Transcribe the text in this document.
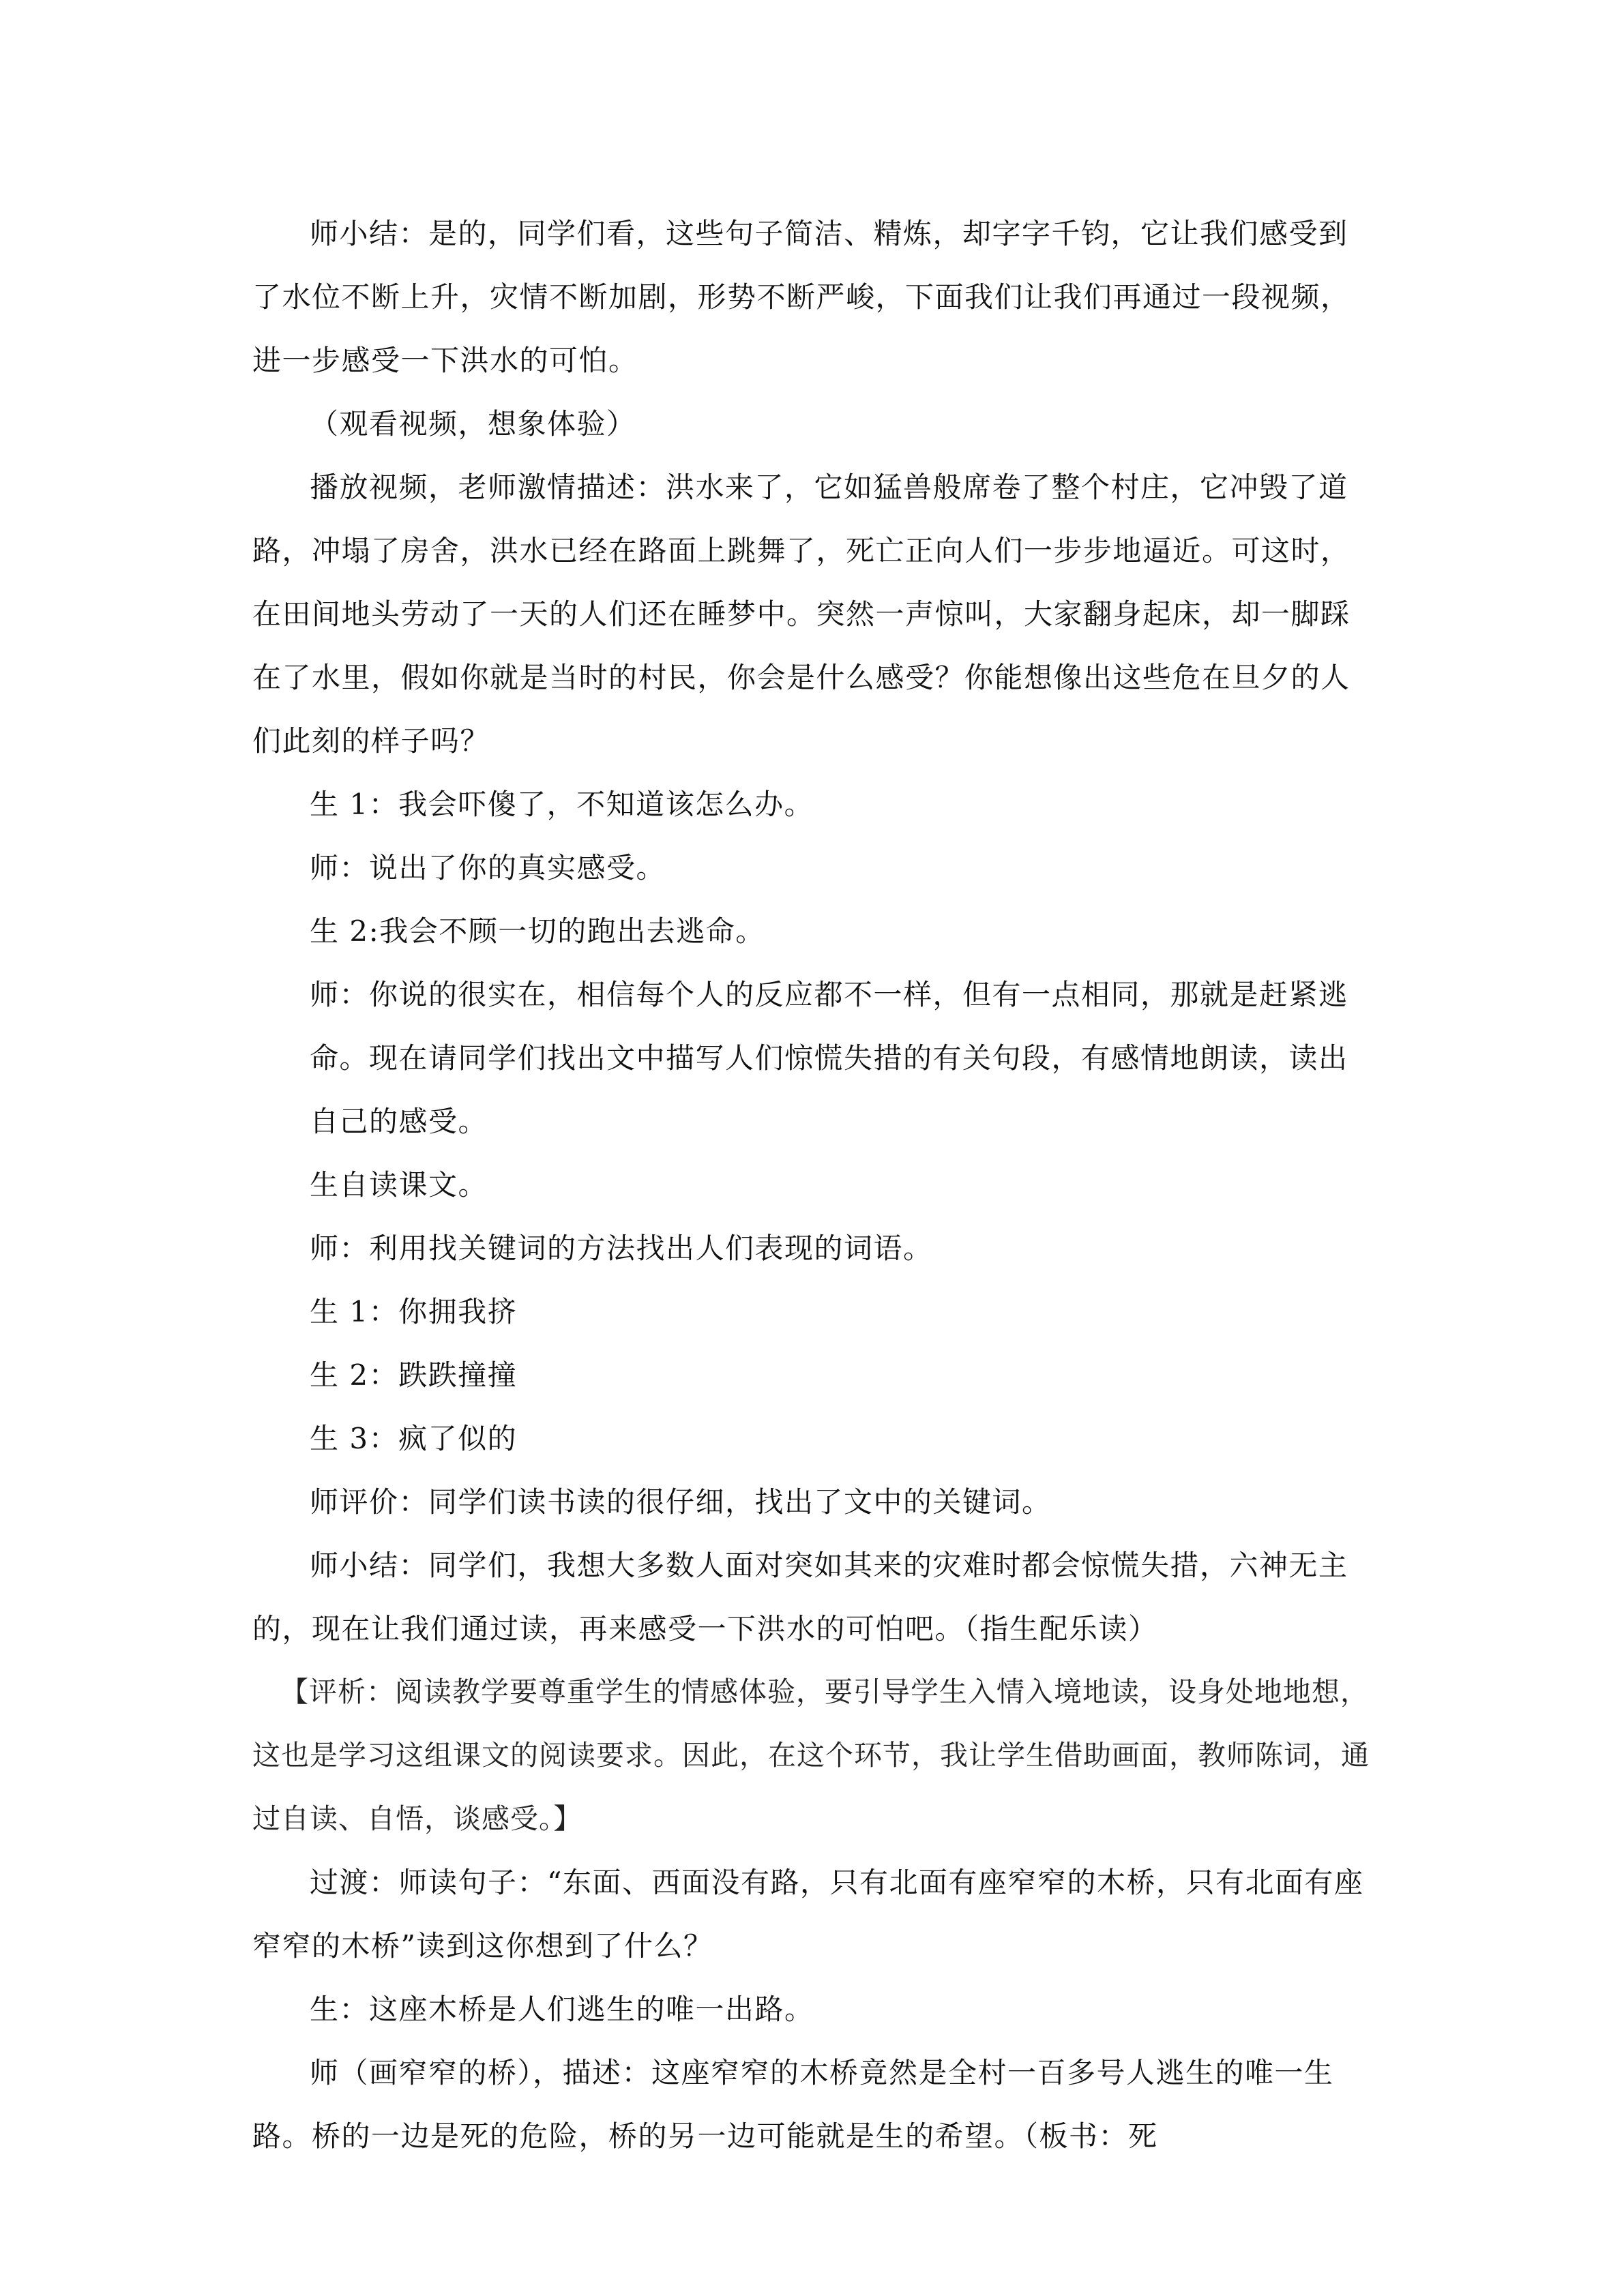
师小结：是的，同学们看，这些句子简洁、精炼，却字字千钧，它让我们感受到了水位不断上升，灾情不断加剧，形势不断严峻，下面我们让我们再通过一段视频，进一步感受一下洪水的可怕。

（观看视频，想象体验）

播放视频，老师激情描述：洪水来了，它如猛兽般席卷了整个村庄，它冲毁了道路，冲塌了房舍，洪水已经在路面上跳舞了，死亡正向人们一步步地逼近。可这时，在田间地头劳动了一天的人们还在睡梦中。突然一声惊叫，大家翻身起床，却一脚踩在了水里，假如你就是当时的村民，你会是什么感受？你能想像出这些危在旦夕的人们此刻的样子吗？

生 1：我会吓傻了，不知道该怎么办。

师：说出了你的真实感受。

生 2:我会不顾一切的跑出去逃命。

师：你说的很实在，相信每个人的反应都不一样，但有一点相同，那就是赶紧逃命。现在请同学们找出文中描写人们惊慌失措的有关句段，有感情地朗读，读出自己的感受。

生自读课文。

师：利用找关键词的方法找出人们表现的词语。

生 1：你拥我挤

生 2：跌跌撞撞

生 3：疯了似的

师评价：同学们读书读的很仔细，找出了文中的关键词。

师小结：同学们，我想大多数人面对突如其来的灾难时都会惊慌失措，六神无主的，现在让我们通过读，再来感受一下洪水的可怕吧。（指生配乐读）

【评析：阅读教学要尊重学生的情感体验，要引导学生入情入境地读，设身处地地想，这也是学习这组课文的阅读要求。因此，在这个环节，我让学生借助画面，教师陈词，通过自读、自悟，谈感受。】

过渡：师读句子：“东面、西面没有路，只有北面有座窄窄的木桥，只有北面有座窄窄的木桥”读到这你想到了什么？

生：这座木桥是人们逃生的唯一出路。

师（画窄窄的桥），描述：这座窄窄的木桥竟然是全村一百多号人逃生的唯一生路。桥的一边是死的危险，桥的另一边可能就是生的希望。（板书：死
